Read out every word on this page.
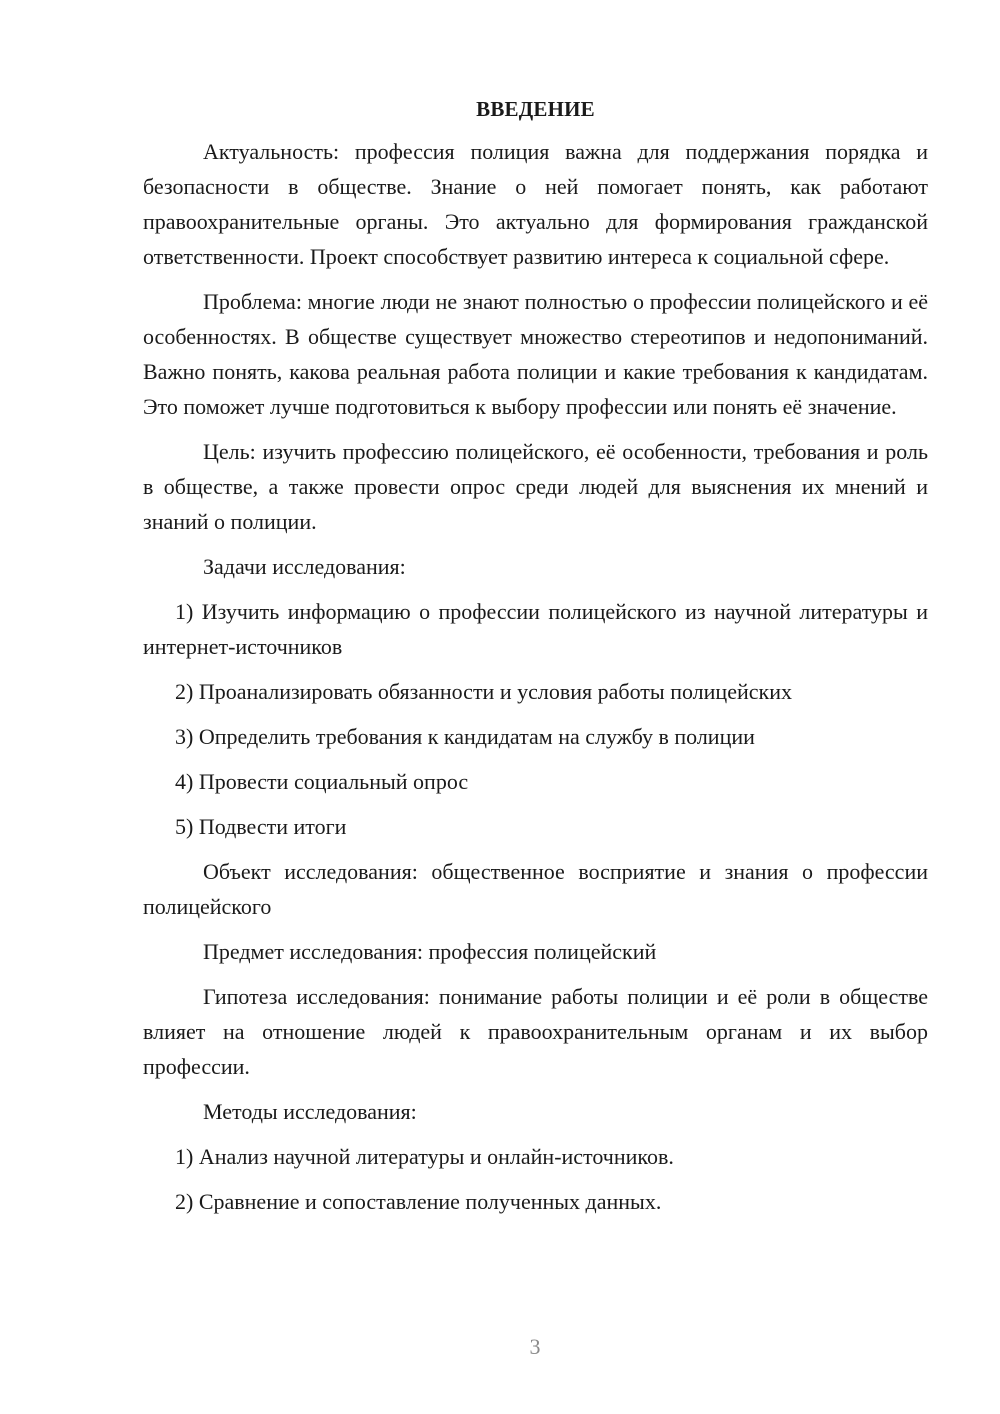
ВВЕДЕНИЕ

Актуальность: профессия полиция важна для поддержания порядка и безопасности в обществе. Знание о ней помогает понять, как работают правоохранительные органы. Это актуально для формирования гражданской ответственности. Проект способствует развитию интереса к социальной сфере.

Проблема: многие люди не знают полностью о профессии полицейского и её особенностях. В обществе существует множество стереотипов и недопониманий. Важно понять, какова реальная работа полиции и какие требования к кандидатам. Это поможет лучше подготовиться к выбору профессии или понять её значение.

Цель: изучить профессию полицейского, её особенности, требования и роль в обществе, а также провести опрос среди людей для выяснения их мнений и знаний о полиции.

Задачи исследования:

1) Изучить информацию о профессии полицейского из научной литературы и интернет-источников

2) Проанализировать обязанности и условия работы полицейских

3) Определить требования к кандидатам на службу в полиции

4) Провести социальный опрос

5) Подвести итоги

Объект исследования: общественное восприятие и знания о профессии полицейского

Предмет исследования: профессия полицейский

Гипотеза исследования: понимание работы полиции и её роли в обществе влияет на отношение людей к правоохранительным органам и их выбор профессии.

Методы исследования:

1) Анализ научной литературы и онлайн-источников.

2) Сравнение и сопоставление полученных данных.

3
